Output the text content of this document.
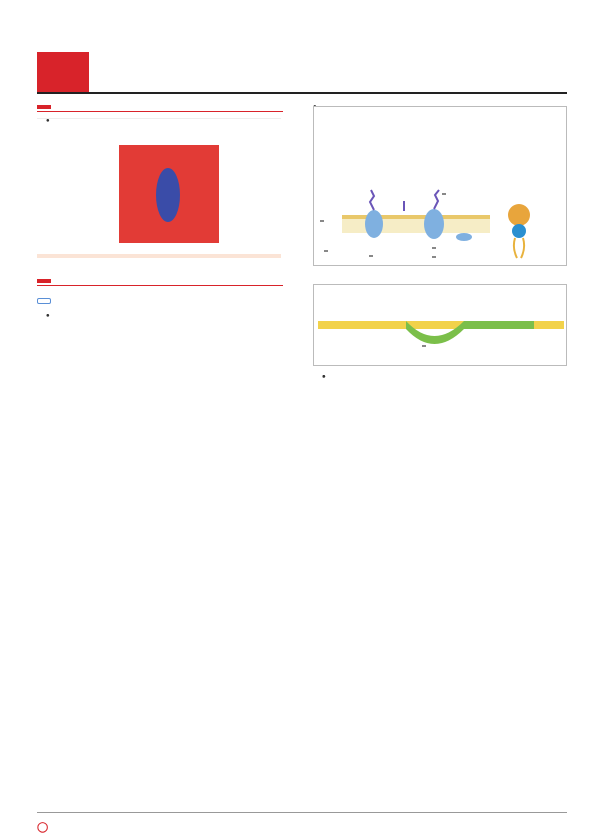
◯
